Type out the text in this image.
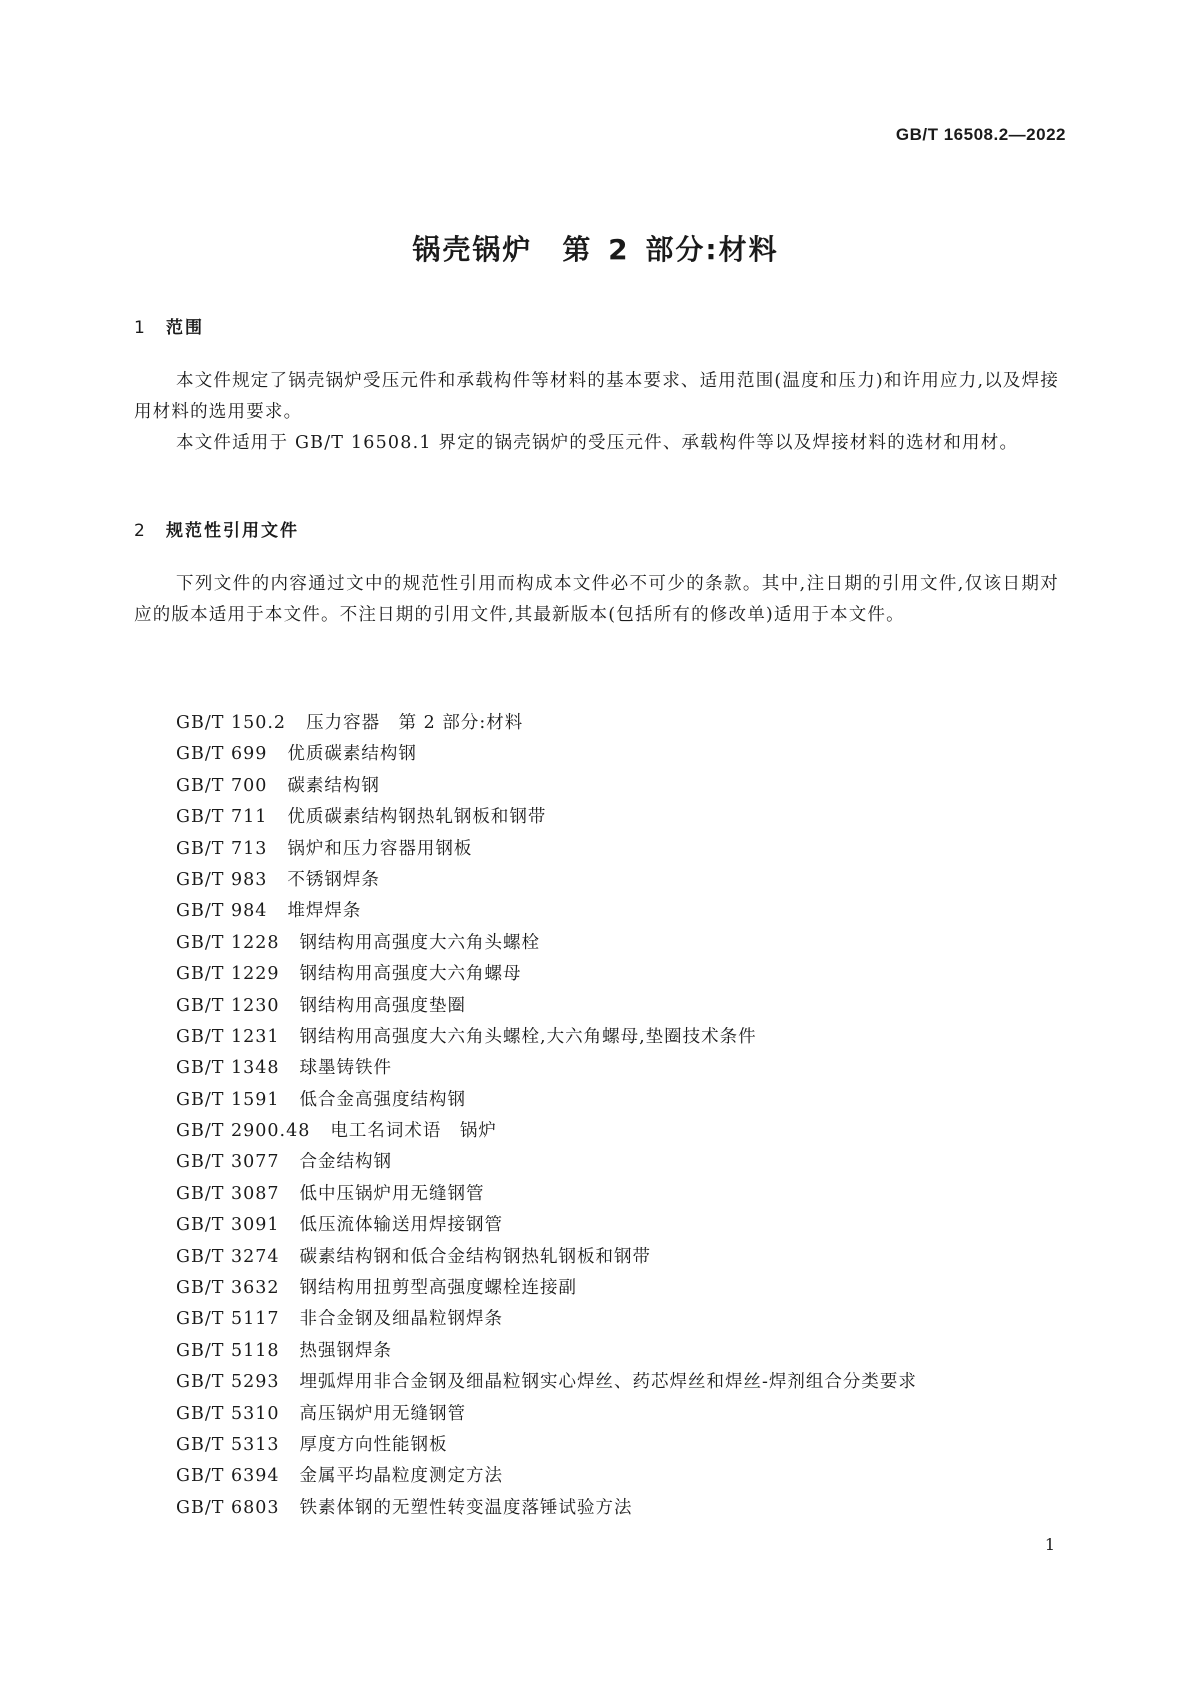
GB/T 16508.2—2022
锅壳锅炉 第 2 部分:材料
1 范围
本文件规定了锅壳锅炉受压元件和承载构件等材料的基本要求、适用范围(温度和压力)和许用应力,以及焊接用材料的选用要求。
本文件适用于 GB/T 16508.1 界定的锅壳锅炉的受压元件、承载构件等以及焊接材料的选材和用材。
2 规范性引用文件
下列文件的内容通过文中的规范性引用而构成本文件必不可少的条款。其中,注日期的引用文件,仅该日期对应的版本适用于本文件。不注日期的引用文件,其最新版本(包括所有的修改单)适用于本文件。
GB/T 150.2 压力容器　第 2 部分:材料
GB/T 699 优质碳素结构钢
GB/T 700 碳素结构钢
GB/T 711 优质碳素结构钢热轧钢板和钢带
GB/T 713 锅炉和压力容器用钢板
GB/T 983 不锈钢焊条
GB/T 984 堆焊焊条
GB/T 1228 钢结构用高强度大六角头螺栓
GB/T 1229 钢结构用高强度大六角螺母
GB/T 1230 钢结构用高强度垫圈
GB/T 1231 钢结构用高强度大六角头螺栓,大六角螺母,垫圈技术条件
GB/T 1348 球墨铸铁件
GB/T 1591 低合金高强度结构钢
GB/T 2900.48 电工名词术语　锅炉
GB/T 3077 合金结构钢
GB/T 3087 低中压锅炉用无缝钢管
GB/T 3091 低压流体输送用焊接钢管
GB/T 3274 碳素结构钢和低合金结构钢热轧钢板和钢带
GB/T 3632 钢结构用扭剪型高强度螺栓连接副
GB/T 5117 非合金钢及细晶粒钢焊条
GB/T 5118 热强钢焊条
GB/T 5293 埋弧焊用非合金钢及细晶粒钢实心焊丝、药芯焊丝和焊丝-焊剂组合分类要求
GB/T 5310 高压锅炉用无缝钢管
GB/T 5313 厚度方向性能钢板
GB/T 6394 金属平均晶粒度测定方法
GB/T 6803 铁素体钢的无塑性转变温度落锤试验方法
1
